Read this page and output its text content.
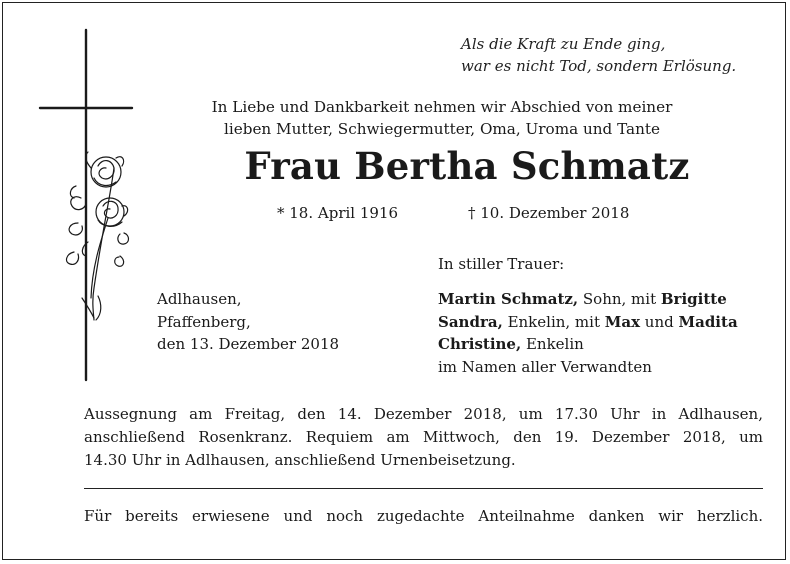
Als die Kraft zu Ende ging,
war es nicht Tod, sondern Erlösung.
In Liebe und Dankbarkeit nehmen wir Abschied von meiner
lieben Mutter, Schwiegermutter, Oma, Uroma und Tante
Frau Bertha Schmatz
* 18. April 1916	† 10. Dezember 2018
In stiller Trauer:
Adlhausen,
Pfaffenberg,
den 13. Dezember 2018
Martin Schmatz, Sohn, mit Brigitte
Sandra, Enkelin, mit Max und Madita
Christine, Enkelin
im Namen aller Verwandten
Aussegnung am Freitag, den 14. Dezember 2018, um 17.30 Uhr in Adlhausen,
anschließend Rosenkranz. Requiem am Mittwoch, den 19. Dezember 2018, um
14.30 Uhr in Adlhausen, anschließend Urnenbeisetzung.
Für bereits erwiesene und noch zugedachte Anteilnahme danken wir herzlich.
